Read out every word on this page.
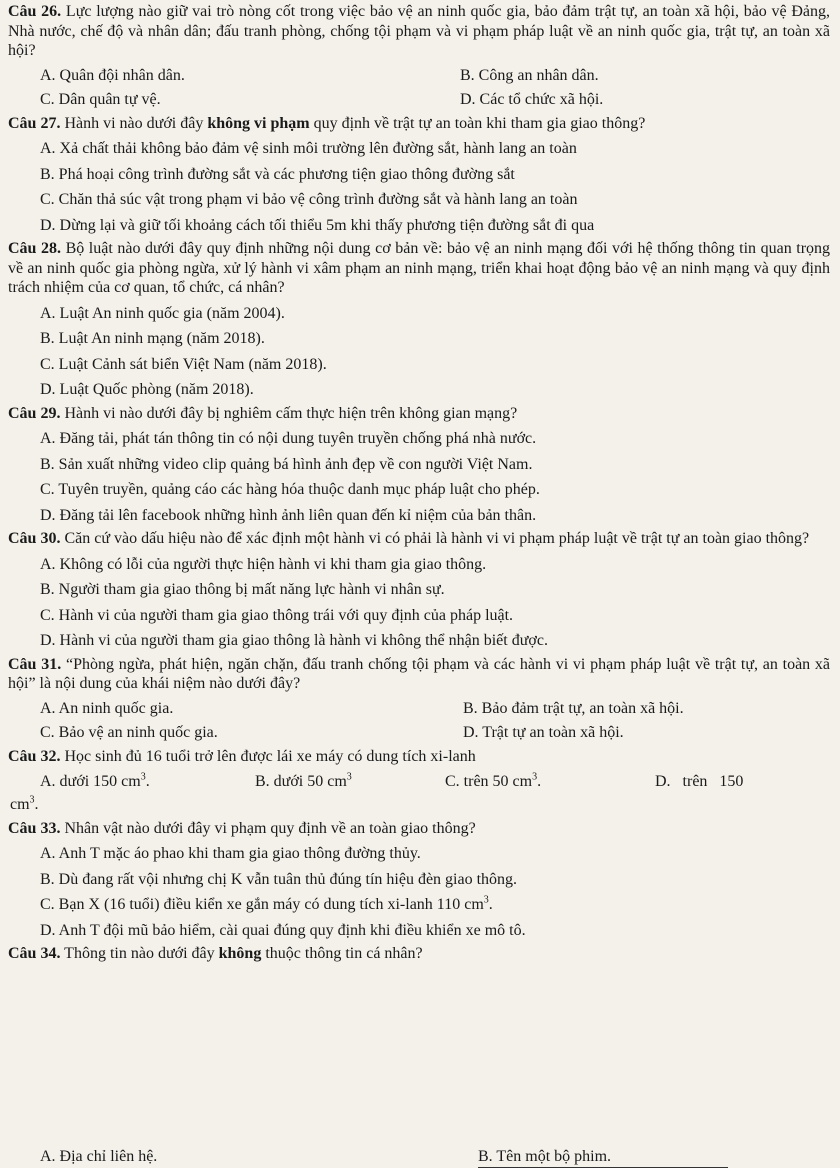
Câu 26. Lực lượng nào giữ vai trò nòng cốt trong việc bảo vệ an ninh quốc gia, bảo đảm trật tự, an toàn xã hội, bảo vệ Đảng, Nhà nước, chế độ và nhân dân; đấu tranh phòng, chống tội phạm và vi phạm pháp luật về an ninh quốc gia, trật tự, an toàn xã hội?

A. Quân đội nhân dân.	B. Công an nhân dân.
C. Dân quân tự vệ.	D. Các tổ chức xã hội.

Câu 27. Hành vi nào dưới đây không vi phạm quy định về trật tự an toàn khi tham gia giao thông?

A. Xả chất thải không bảo đảm vệ sinh môi trường lên đường sắt, hành lang an toàn
B. Phá hoại công trình đường sắt và các phương tiện giao thông đường sắt
C. Chăn thả súc vật trong phạm vi bảo vệ công trình đường sắt và hành lang an toàn
D. Dừng lại và giữ tối khoảng cách tối thiểu 5m khi thấy phương tiện đường sắt đi qua

Câu 28. Bộ luật nào dưới đây quy định những nội dung cơ bản về: bảo vệ an ninh mạng đối với hệ thống thông tin quan trọng về an ninh quốc gia phòng ngừa, xử lý hành vi xâm phạm an ninh mạng, triển khai hoạt động bảo vệ an ninh mạng và quy định trách nhiệm của cơ quan, tổ chức, cá nhân?

A. Luật An ninh quốc gia (năm 2004).
B. Luật An ninh mạng (năm 2018).
C. Luật Cảnh sát biển Việt Nam (năm 2018).
D. Luật Quốc phòng (năm 2018).

Câu 29. Hành vi nào dưới đây bị nghiêm cấm thực hiện trên không gian mạng?

A. Đăng tải, phát tán thông tin có nội dung tuyên truyền chống phá nhà nước.
B. Sản xuất những video clip quảng bá hình ảnh đẹp về con người Việt Nam.
C. Tuyên truyền, quảng cáo các hàng hóa thuộc danh mục pháp luật cho phép.
D. Đăng tải lên facebook những hình ảnh liên quan đến kỉ niệm của bản thân.

Câu 30. Căn cứ vào dấu hiệu nào để xác định một hành vi có phải là hành vi vi phạm pháp luật về trật tự an toàn giao thông?

A. Không có lỗi của người thực hiện hành vi khi tham gia giao thông.
B. Người tham gia giao thông bị mất năng lực hành vi nhân sự.
C. Hành vi của người tham gia giao thông trái với quy định của pháp luật.
D. Hành vi của người tham gia giao thông là hành vi không thể nhận biết được.

Câu 31. “Phòng ngừa, phát hiện, ngăn chặn, đấu tranh chống tội phạm và các hành vi vi phạm pháp luật về trật tự, an toàn xã hội” là nội dung của khái niệm nào dưới đây?

A. An ninh quốc gia.	B. Bảo đảm trật tự, an toàn xã hội.
C. Bảo vệ an ninh quốc gia.	D. Trật tự an toàn xã hội.

Câu 32. Học sinh đủ 16 tuổi trở lên được lái xe máy có dung tích xi-lanh

A. dưới 150 $cm^3$.	B. dưới 50 $cm^3$	C. trên 50 $cm^3$.	D.   trên   150
$cm^3$.

Câu 33. Nhân vật nào dưới đây vi phạm quy định về an toàn giao thông?

A. Anh T mặc áo phao khi tham gia giao thông đường thủy.
B. Dù đang rất vội nhưng chị K vẫn tuân thủ đúng tín hiệu đèn giao thông.
C. Bạn X (16 tuổi) điều kiển xe gắn máy có dung tích xi-lanh 110 $cm^3$.
D. Anh T đội mũ bảo hiểm, cài quai đúng quy định khi điều khiển xe mô tô.

Câu 34. Thông tin nào dưới đây không thuộc thông tin cá nhân?

A. Địa chỉ liên hệ.	B. Tên một bộ phim.
